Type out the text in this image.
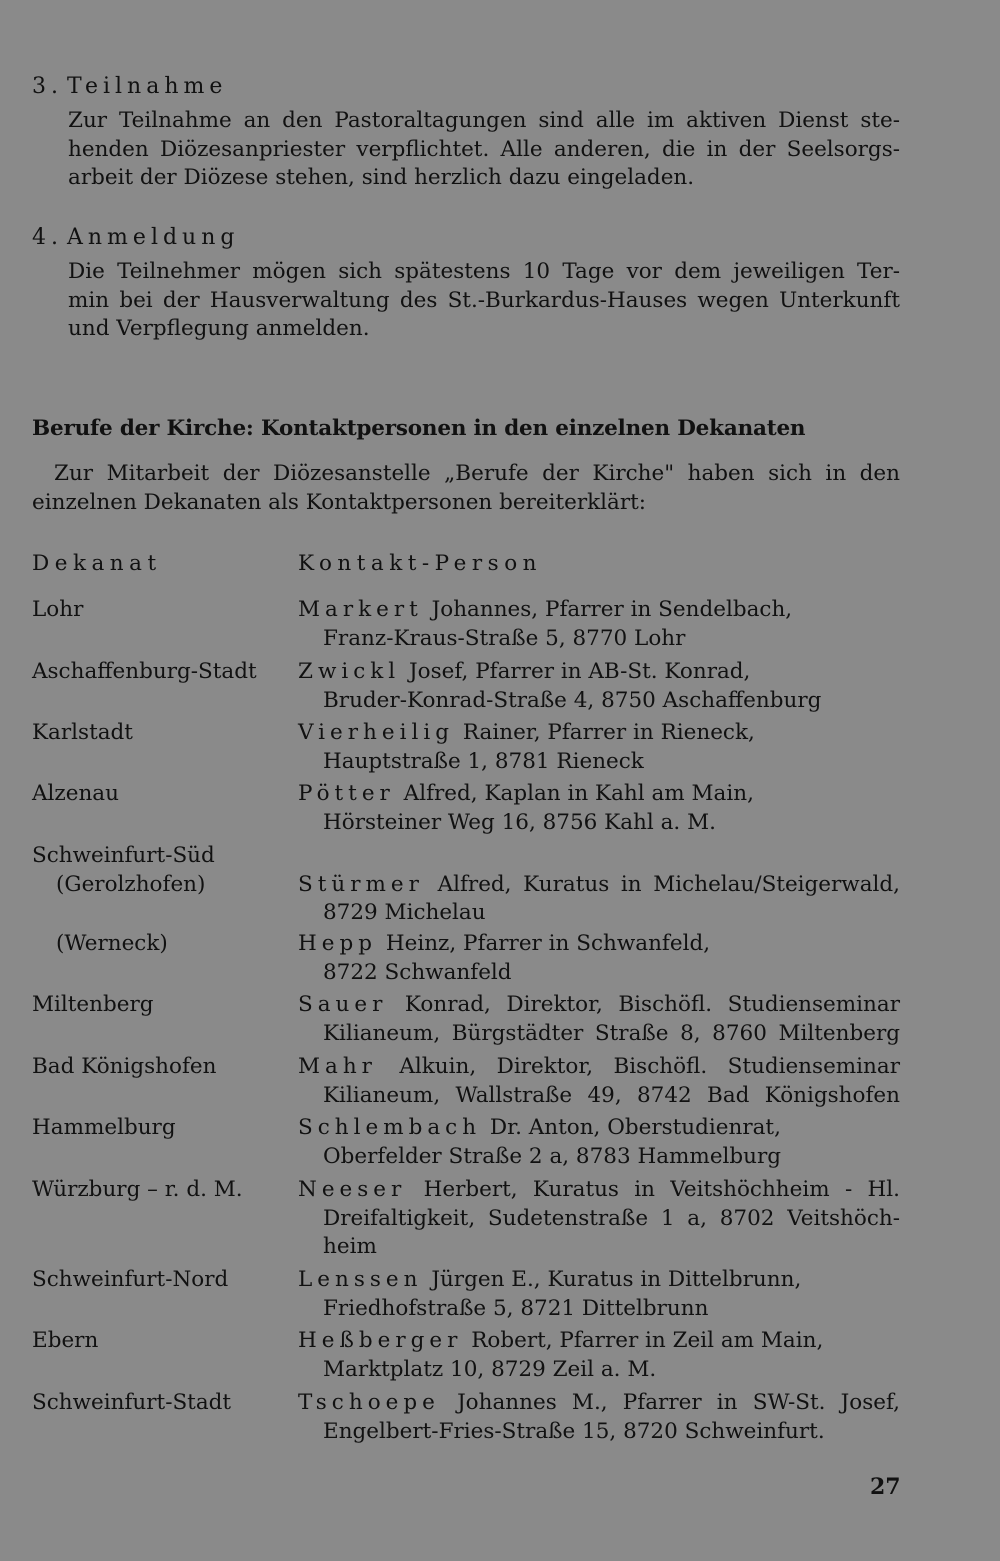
3. Teilnahme

Zur Teilnahme an den Pastoraltagungen sind alle im aktiven Dienst ste-
henden Diözesanpriester verpflichtet. Alle anderen, die in der Seelsorgs-
arbeit der Diözese stehen, sind herzlich dazu eingeladen.

4. Anmeldung

Die Teilnehmer mögen sich spätestens 10 Tage vor dem jeweiligen Ter-
min bei der Hausverwaltung des St.-Burkardus-Hauses wegen Unterkunft
und Verpflegung anmelden.

Berufe der Kirche: Kontaktpersonen in den einzelnen Dekanaten

Zur Mitarbeit der Diözesanstelle „Berufe der Kirche" haben sich in den
einzelnen Dekanaten als Kontaktpersonen bereiterklärt:

Dekanat	Kontakt-Person
Lohr	Markert Johannes, Pfarrer in Sendelbach,
Franz-Kraus-Straße 5, 8770 Lohr
Aschaffenburg-Stadt	Zwickl Josef, Pfarrer in AB-St. Konrad,
Bruder-Konrad-Straße 4, 8750 Aschaffenburg
Karlstadt	Vierheilig Rainer, Pfarrer in Rieneck,
Hauptstraße 1, 8781 Rieneck
Alzenau	Pötter Alfred, Kaplan in Kahl am Main,
Hörsteiner Weg 16, 8756 Kahl a. M.
Schweinfurt-Süd
(Gerolzhofen)	Stürmer Alfred, Kuratus in Michelau/Steigerwald,
8729 Michelau
(Werneck)	Hepp Heinz, Pfarrer in Schwanfeld,
8722 Schwanfeld
Miltenberg	Sauer Konrad, Direktor, Bischöfl. Studienseminar
Kilianeum, Bürgstädter Straße 8, 8760 Miltenberg
Bad Königshofen	Mahr Alkuin, Direktor, Bischöfl. Studienseminar
Kilianeum, Wallstraße 49, 8742 Bad Königshofen
Hammelburg	Schlembach Dr. Anton, Oberstudienrat,
Oberfelder Straße 2 a, 8783 Hammelburg
Würzburg – r. d. M.	Neeser Herbert, Kuratus in Veitshöchheim - Hl.
Dreifaltigkeit, Sudetenstraße 1 a, 8702 Veitshöch-
heim
Schweinfurt-Nord	Lenssen Jürgen E., Kuratus in Dittelbrunn,
Friedhofstraße 5, 8721 Dittelbrunn
Ebern	Heßberger Robert, Pfarrer in Zeil am Main,
Marktplatz 10, 8729 Zeil a. M.
Schweinfurt-Stadt	Tschoepe Johannes M., Pfarrer in SW-St. Josef,
Engelbert-Fries-Straße 15, 8720 Schweinfurt.
27
